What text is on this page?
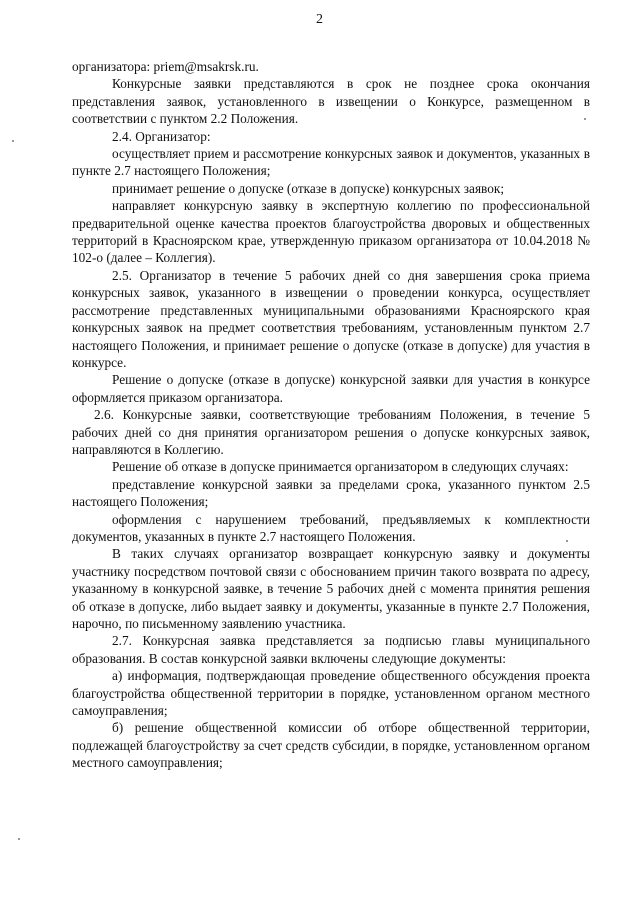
2

организатора: priem@msakrsk.ru.

Конкурсные заявки представляются в срок не позднее срока окончания представления заявок, установленного в извещении о Конкурсе, размещенном в соответствии с пунктом 2.2 Положения.

2.4. Организатор:

осуществляет прием и рассмотрение конкурсных заявок и документов, указанных в пункте 2.7 настоящего Положения;

принимает решение о допуске (отказе в допуске) конкурсных заявок;

направляет конкурсную заявку в экспертную коллегию по профессиональной предварительной оценке качества проектов благоустройства дворовых и общественных территорий в Красноярском крае, утвержденную приказом организатора от 10.04.2018 № 102-о (далее – Коллегия).

2.5. Организатор в течение 5 рабочих дней со дня завершения срока приема конкурсных заявок, указанного в извещении о проведении конкурса, осуществляет рассмотрение представленных муниципальными образованиями Красноярского края конкурсных заявок на предмет соответствия требованиям, установленным пунктом 2.7 настоящего Положения, и принимает решение о допуске (отказе в допуске) для участия в конкурсе.

Решение о допуске (отказе в допуске) конкурсной заявки для участия в конкурсе оформляется приказом организатора.

2.6. Конкурсные заявки, соответствующие требованиям Положения, в течение 5 рабочих дней со дня принятия организатором решения о допуске конкурсных заявок, направляются в Коллегию.

Решение об отказе в допуске принимается организатором в следующих случаях:

представление конкурсной заявки за пределами срока, указанного пунктом 2.5 настоящего Положения;

оформления с нарушением требований, предъявляемых к комплектности документов, указанных в пункте 2.7 настоящего Положения.

В таких случаях организатор возвращает конкурсную заявку и документы участнику посредством почтовой связи с обоснованием причин такого возврата по адресу, указанному в конкурсной заявке, в течение 5 рабочих дней с момента принятия решения об отказе в допуске, либо выдает заявку и документы, указанные в пункте 2.7 Положения, нарочно, по письменному заявлению участника.

2.7. Конкурсная заявка представляется за подписью главы муниципального образования. В состав конкурсной заявки включены следующие документы:

а) информация, подтверждающая проведение общественного обсуждения проекта благоустройства общественной территории в порядке, установленном органом местного самоуправления;

б) решение общественной комиссии об отборе общественной территории, подлежащей благоустройству за счет средств субсидии, в порядке, установленном органом местного самоуправления;
